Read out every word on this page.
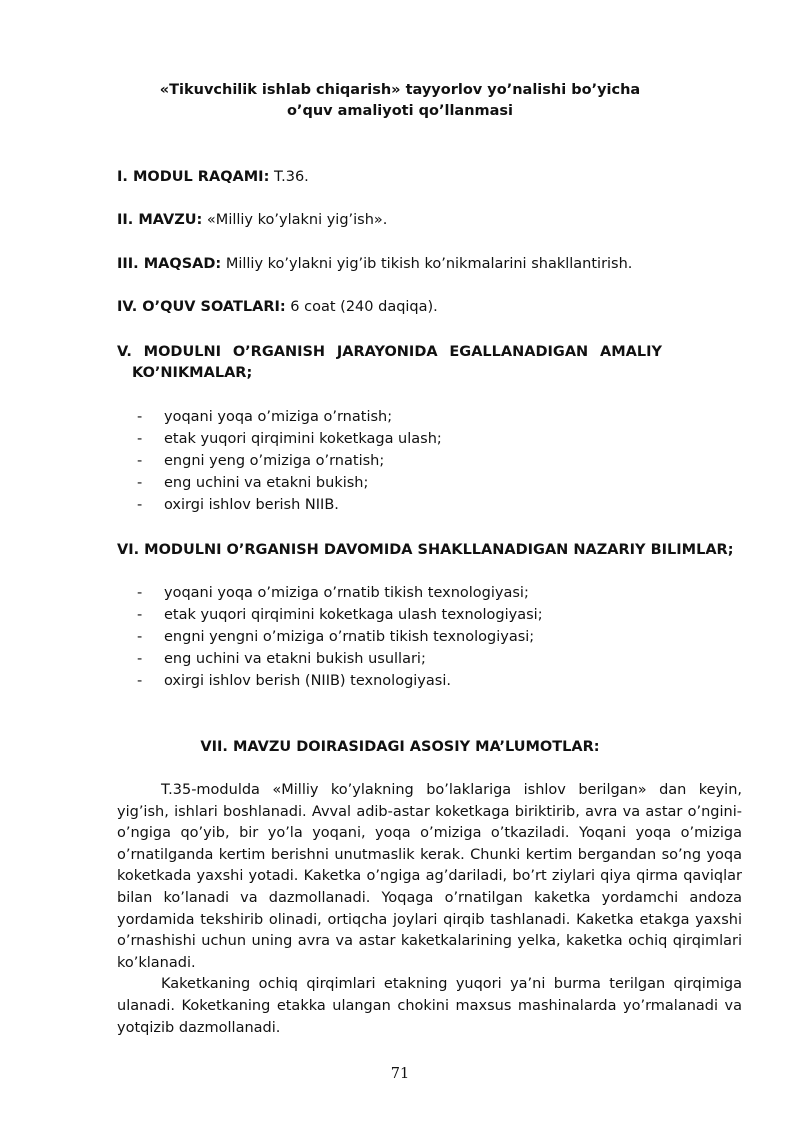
«Tikuvchilik ishlab chiqarish» tayyorlov yo’nalishi bo’yicha
o’quv amaliyoti qo’llanmasi
I. MODUL RAQAMI: T.36.
II. MAVZU: «Milliy ko’ylakni yig’ish».
III. MAQSAD: Milliy ko’ylakni yig’ib tikish ko’nikmalarini shakllantirish.
IV. O’QUV SOATLARI: 6 coat (240 daqiqa).
V. MODULNI O’RGANISH JARAYONIDA EGALLANADIGAN AMALIY
KO’NIKMALAR;
- yoqani yoqa o’miziga o’rnatish;
- etak yuqori qirqimini koketkaga ulash;
- engni yeng o’miziga o’rnatish;
- eng uchini va etakni bukish;
- oxirgi ishlov berish NIIB.
VI. MODULNI O’RGANISH DAVOMIDA SHAKLLANADIGAN NAZARIY BILIMLAR;
- yoqani yoqa o’miziga o’rnatib tikish texnologiyasi;
- etak yuqori qirqimini koketkaga ulash texnologiyasi;
- engni yengni o’miziga o’rnatib tikish texnologiyasi;
- eng uchini va etakni bukish usullari;
- oxirgi ishlov berish (NIIB) texnologiyasi.
VII. MAVZU DOIRASIDAGI ASOSIY MA’LUMOTLAR:

T.35-modulda «Milliy ko’ylakning bo’laklariga ishlov berilgan» dan keyin, yig’ish, ishlari boshlanadi. Avval adib-astar koketkaga biriktirib, avra va astar o’ngini-o’ngiga qo’yib, bir yo’la yoqani, yoqa o’miziga o’tkaziladi. Yoqani yoqa o’miziga o’rnatilganda kertim berishni unutmaslik kerak. Chunki kertim bergandan so’ng yoqa koketkada yaxshi yotadi. Kaketka o’ngiga ag’dariladi, bo’rt ziylari qiya qirma qaviqlar bilan ko’lanadi va dazmollanadi. Yoqaga o’rnatilgan kaketka yordamchi andoza yordamida tekshirib olinadi, ortiqcha joylari qirqib tashlanadi. Kaketka etakga yaxshi o’rnashishi uchun uning avra va astar kaketkalarining yelka, kaketka ochiq qirqimlari ko’klanadi.

Kaketkaning ochiq qirqimlari etakning yuqori ya’ni burma terilgan qirqimiga ulanadi. Koketkaning etakka ulangan chokini maxsus mashinalarda yo’rmalanadi va yotqizib dazmollanadi.

71
